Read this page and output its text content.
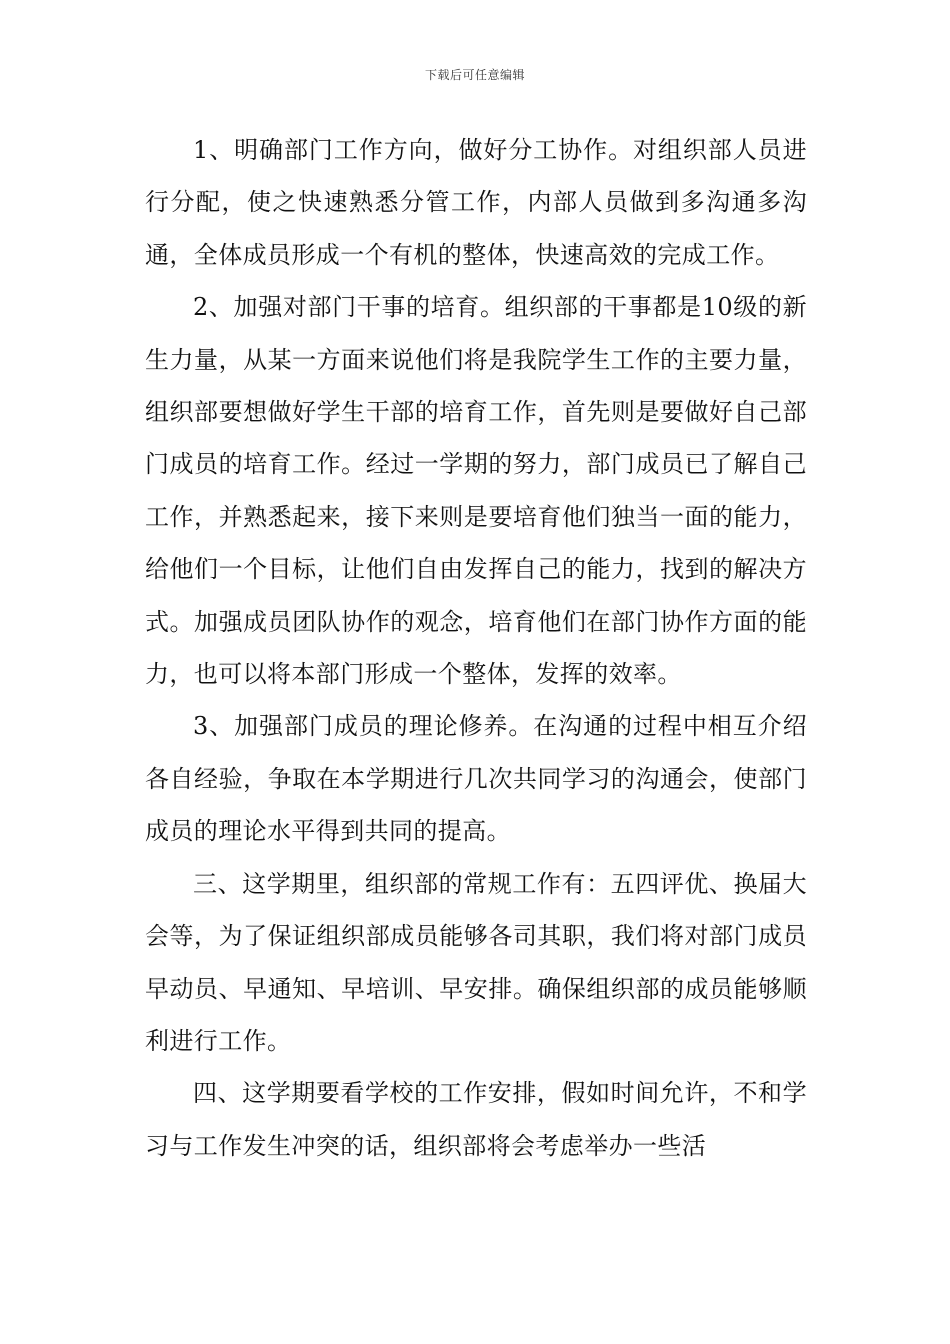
下载后可任意编辑

1、明确部门工作方向，做好分工协作。对组织部人员进行分配，使之快速熟悉分管工作，内部人员做到多沟通多沟通，全体成员形成一个有机的整体，快速高效的完成工作。

2、加强对部门干事的培育。组织部的干事都是10级的新生力量，从某一方面来说他们将是我院学生工作的主要力量，组织部要想做好学生干部的培育工作，首先则是要做好自己部门成员的培育工作。经过一学期的努力，部门成员已了解自己工作，并熟悉起来，接下来则是要培育他们独当一面的能力，给他们一个目标，让他们自由发挥自己的能力，找到的解决方式。加强成员团队协作的观念，培育他们在部门协作方面的能力，也可以将本部门形成一个整体，发挥的效率。

3、加强部门成员的理论修养。在沟通的过程中相互介绍各自经验，争取在本学期进行几次共同学习的沟通会，使部门成员的理论水平得到共同的提高。

三、这学期里，组织部的常规工作有：五四评优、换届大会等，为了保证组织部成员能够各司其职，我们将对部门成员早动员、早通知、早培训、早安排。确保组织部的成员能够顺利进行工作。

四、这学期要看学校的工作安排，假如时间允许，不和学习与工作发生冲突的话，组织部将会考虑举办一些活
